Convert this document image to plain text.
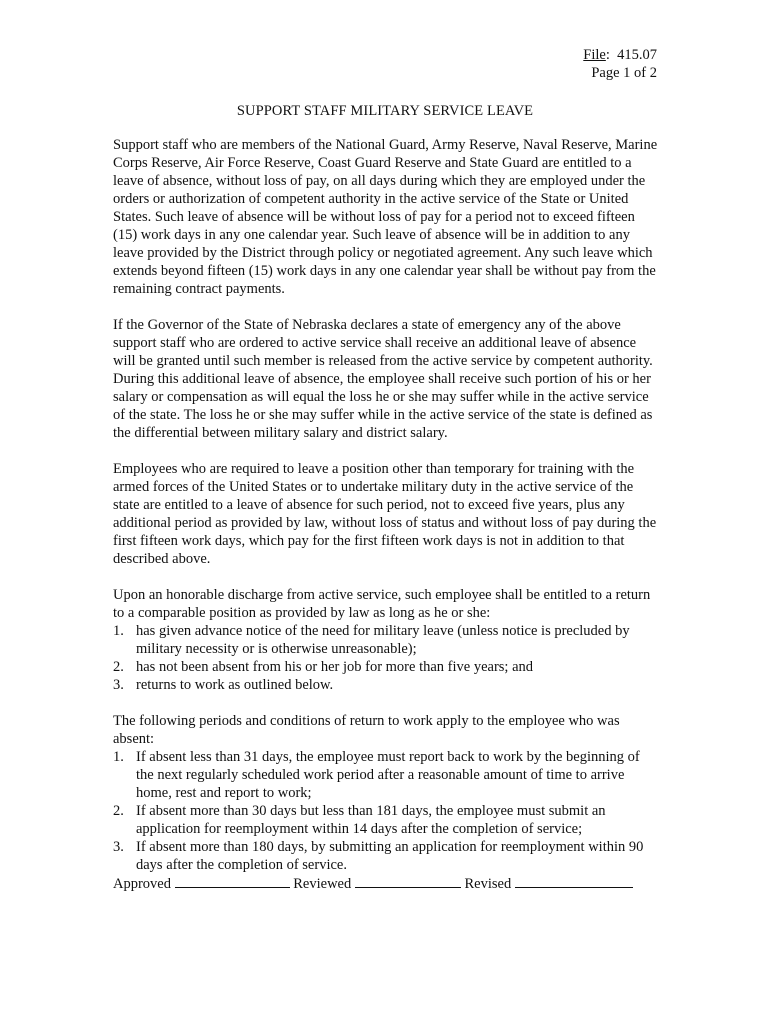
File:  415.07
Page 1 of 2
SUPPORT STAFF MILITARY SERVICE LEAVE

Support staff who are members of the National Guard, Army Reserve, Naval Reserve, Marine Corps Reserve, Air Force Reserve, Coast Guard Reserve and State Guard are entitled to a leave of absence, without loss of pay, on all days during which they are employed under the orders or authorization of competent authority in the active service of the State or United States. Such leave of absence will be without loss of pay for a period not to exceed fifteen (15) work days in any one calendar year. Such leave of absence will be in addition to any leave provided by the District through policy or negotiated agreement. Any such leave which extends beyond fifteen (15) work days in any one calendar year shall be without pay from the remaining contract payments.

If the Governor of the State of Nebraska declares a state of emergency any of the above support staff who are ordered to active service shall receive an additional leave of absence will be granted until such member is released from the active service by competent authority. During this additional leave of absence, the employee shall receive such portion of his or her salary or compensation as will equal the loss he or she may suffer while in the active service of the state. The loss he or she may suffer while in the active service of the state is defined as the differential between military salary and district salary.

Employees who are required to leave a position other than temporary for training with the armed forces of the United States or to undertake military duty in the active service of the state are entitled to a leave of absence for such period, not to exceed five years, plus any additional period as provided by law, without loss of status and without loss of pay during the first fifteen work days, which pay for the first fifteen work days is not in addition to that described above.

Upon an honorable discharge from active service, such employee shall be entitled to a return to a comparable position as provided by law as long as he or she:

1. has given advance notice of the need for military leave (unless notice is precluded by military necessity or is otherwise unreasonable);
2. has not been absent from his or her job for more than five years; and
3. returns to work as outlined below.

The following periods and conditions of return to work apply to the employee who was absent:

1. If absent less than 31 days, the employee must report back to work by the beginning of the next regularly scheduled work period after a reasonable amount of time to arrive home, rest and report to work;
2. If absent more than 30 days but less than 181 days, the employee must submit an application for reemployment within 14 days after the completion of service;
3. If absent more than 180 days, by submitting an application for reemployment within 90 days after the completion of service.

Approved	Reviewed	Revised
